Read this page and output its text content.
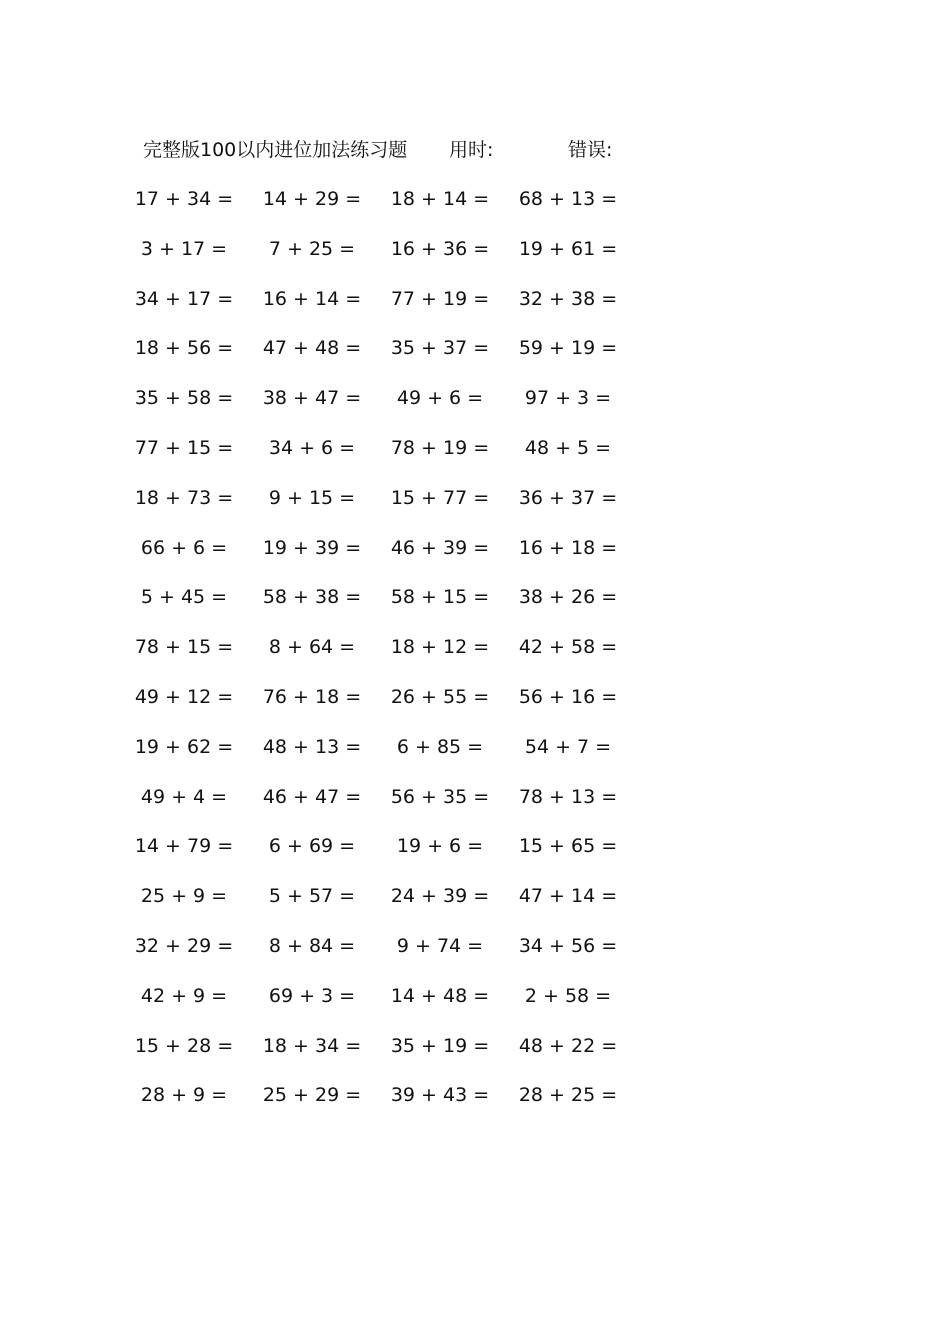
完整版100以内进位加法练习题 用时:	错误:
17 + 34 =	14 + 29 =	18 + 14 =	68 + 13 =
3 + 17 =	7 + 25 =	16 + 36 =	19 + 61 =
34 + 17 =	16 + 14 =	77 + 19 =	32 + 38 =
18 + 56 =	47 + 48 =	35 + 37 =	59 + 19 =
35 + 58 =	38 + 47 =	49 + 6 =	97 + 3 =
77 + 15 =	34 + 6 =	78 + 19 =	48 + 5 =
18 + 73 =	9 + 15 =	15 + 77 =	36 + 37 =
66 + 6 =	19 + 39 =	46 + 39 =	16 + 18 =
5 + 45 =	58 + 38 =	58 + 15 =	38 + 26 =
78 + 15 =	8 + 64 =	18 + 12 =	42 + 58 =
49 + 12 =	76 + 18 =	26 + 55 =	56 + 16 =
19 + 62 =	48 + 13 =	6 + 85 =	54 + 7 =
49 + 4 =	46 + 47 =	56 + 35 =	78 + 13 =
14 + 79 =	6 + 69 =	19 + 6 =	15 + 65 =
25 + 9 =	5 + 57 =	24 + 39 =	47 + 14 =
32 + 29 =	8 + 84 =	9 + 74 =	34 + 56 =
42 + 9 =	69 + 3 =	14 + 48 =	2 + 58 =
15 + 28 =	18 + 34 =	35 + 19 =	48 + 22 =
28 + 9 =	25 + 29 =	39 + 43 =	28 + 25 =
